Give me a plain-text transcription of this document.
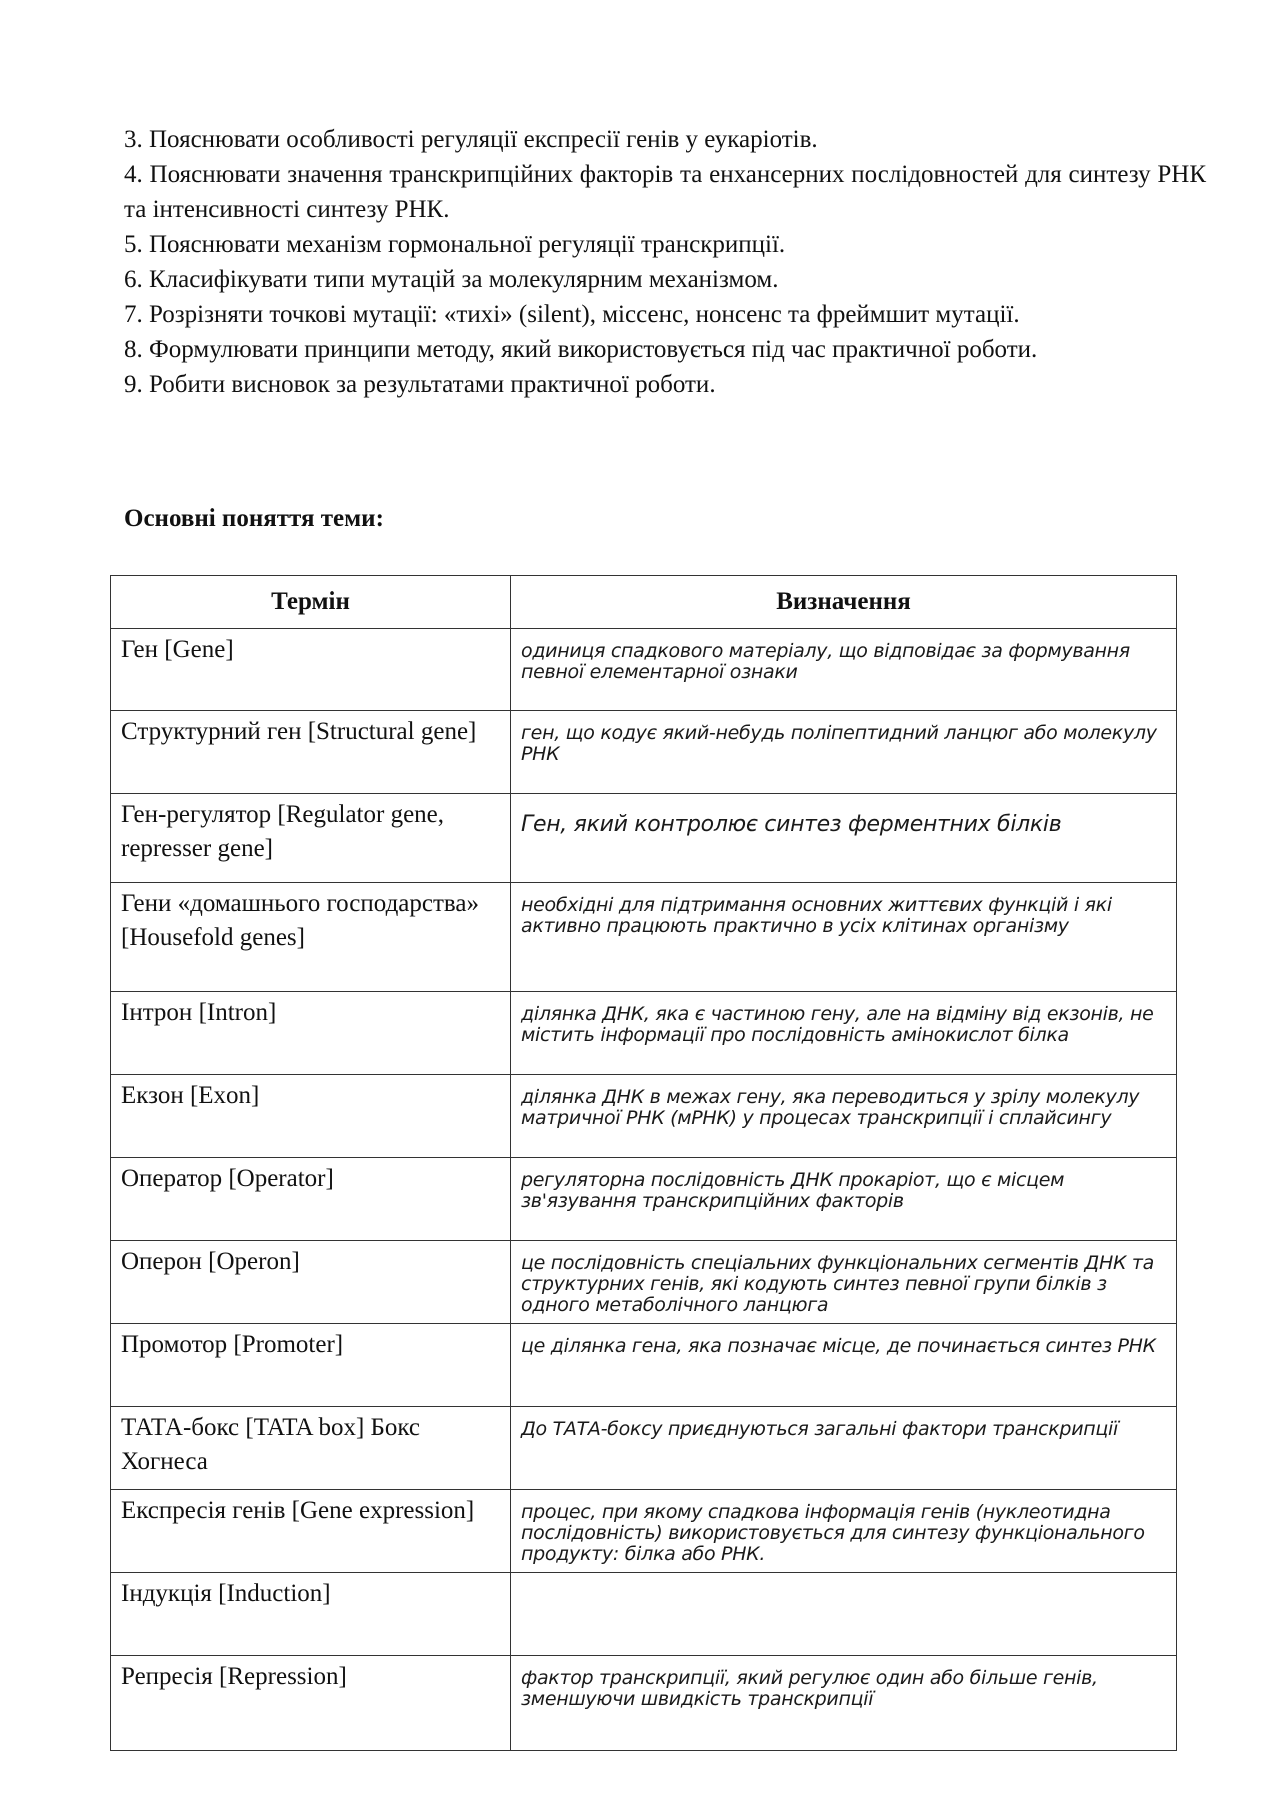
3. Пояснювати особливості регуляції експресії генів у еукаріотів.

4. Пояснювати значення транскрипційних факторів та енхансерних послідовностей для синтезу РНК та інтенсивності синтезу РНК.

5. Пояснювати механізм гормональної регуляції транскрипції.

6. Класифікувати типи мутацій за молекулярним механізмом.

7. Розрізняти точкові мутації: «тихі» (silent), міссенс, нонсенс та фреймшит мутації.

8. Формулювати принципи методу, який використовується під час практичної роботи.

9. Робити висновок за результатами практичної роботи.

Основні поняття теми:
Термін	Визначення
Ген [Gene]	одиниця спадкового матеріалу, що відповідає за формування певної елементарної ознаки
Структурний ген [Structural gene]	ген, що кодує який-небудь поліпептидний ланцюг або молекулу РНК
Ген-регулятор [Regulator gene, represser gene]	Ген, який контролює синтез ферментних білків
Гени «домашнього господарства» [Housefold genes]	необхідні для підтримання основних життєвих функцій і які активно працюють практично в усіх клітинах організму
Інтрон [Intron]	ділянка ДНК, яка є частиною гену, але на відміну від екзонів, не містить інформації про послідовність амінокислот білка
Екзон [Exon]	ділянка ДНК в межах гену, яка переводиться у зрілу молекулу матричної РНК (мРНК) у процесах транскрипції і сплайсингу
Оператор [Operator]	регуляторна послідовність ДНК прокаріот, що є місцем зв'язування транскрипційних факторів
Оперон [Operon]	це послідовність спеціальних функціональних сегментів ДНК та структурних генів, які кодують синтез певної групи білків з одного метаболічного ланцюга
Промотор [Promoter]	це ділянка гена, яка позначає місце, де починається синтез РНК
ТАТА-бокс [TATA box] Бокс Хогнеса	До ТАТА-боксу приєднуються загальні фактори транскрипції
Експресія генів [Gene expression]	процес, при якому спадкова інформація генів (нуклеотидна послідовність) використовується для синтезу функціонального продукту: білка або РНК.
Індукція [Induction]	
Репресія [Repression]	фактор транскрипції, який регулює один або більше генів, зменшуючи швидкість транскрипції
